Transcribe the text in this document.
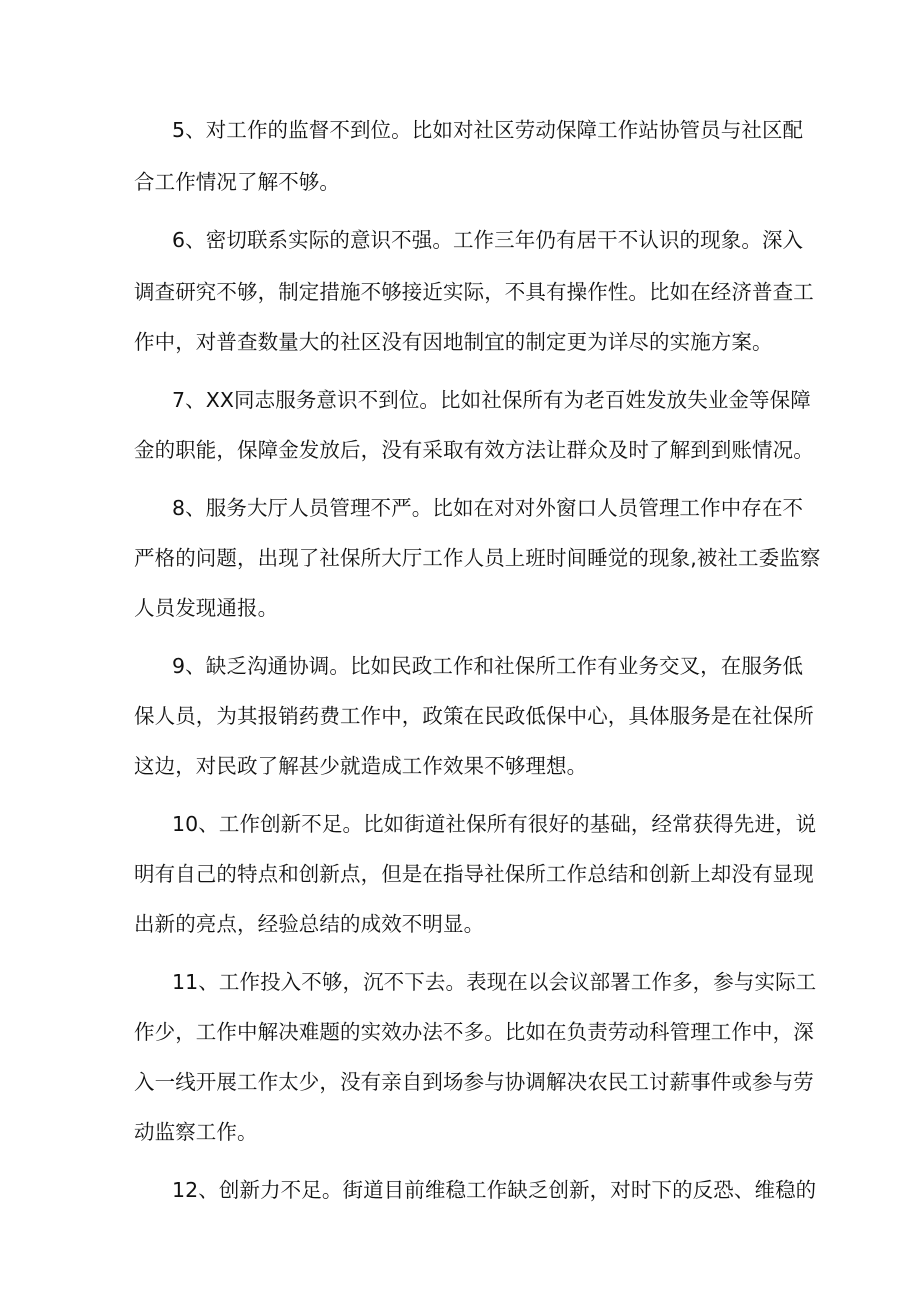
5、对工作的监督不到位。比如对社区劳动保障工作站协管员与社区配
合工作情况了解不够。
6、密切联系实际的意识不强。工作三年仍有居干不认识的现象。深入
调查研究不够，制定措施不够接近实际，不具有操作性。比如在经济普查工
作中，对普查数量大的社区没有因地制宜的制定更为详尽的实施方案。
7、XX同志服务意识不到位。比如社保所有为老百姓发放失业金等保障
金的职能，保障金发放后，没有采取有效方法让群众及时了解到到账情况。
8、服务大厅人员管理不严。比如在对对外窗口人员管理工作中存在不
严格的问题，出现了社保所大厅工作人员上班时间睡觉的现象,被社工委监察
人员发现通报。
9、缺乏沟通协调。比如民政工作和社保所工作有业务交叉，在服务低
保人员，为其报销药费工作中，政策在民政低保中心，具体服务是在社保所
这边，对民政了解甚少就造成工作效果不够理想。
10、工作创新不足。比如街道社保所有很好的基础，经常获得先进，说
明有自己的特点和创新点，但是在指导社保所工作总结和创新上却没有显现
出新的亮点，经验总结的成效不明显。
11、工作投入不够，沉不下去。表现在以会议部署工作多，参与实际工
作少，工作中解决难题的实效办法不多。比如在负责劳动科管理工作中，深
入一线开展工作太少，没有亲自到场参与协调解决农民工讨薪事件或参与劳
动监察工作。
12、创新力不足。街道目前维稳工作缺乏创新，对时下的反恐、维稳的
